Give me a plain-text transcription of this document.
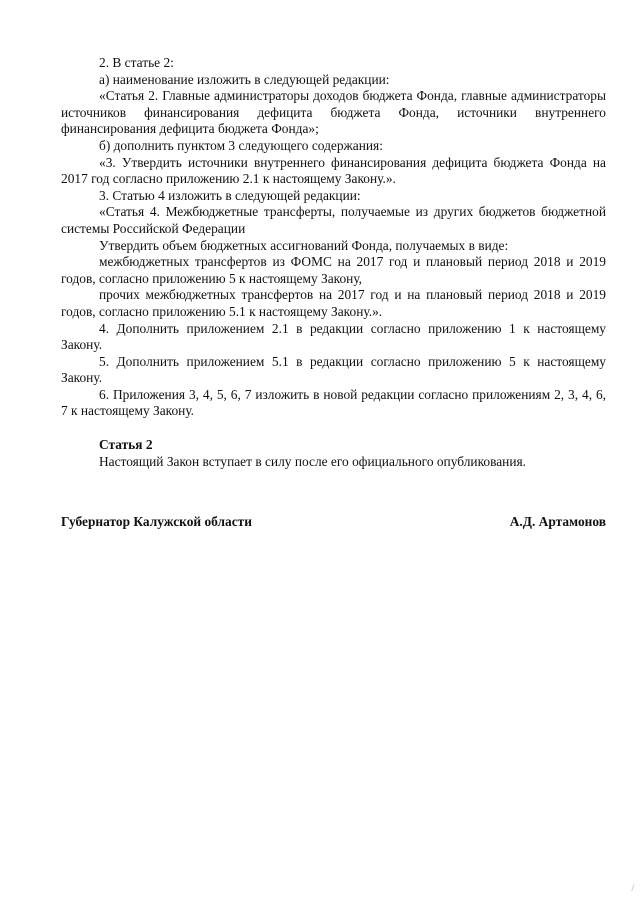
2. В статье 2:

а) наименование изложить в следующей редакции:

«Статья 2. Главные администраторы доходов бюджета Фонда, главные администраторы источников финансирования дефицита бюджета Фонда, источники внутреннего финансирования дефицита бюджета Фонда»;

б) дополнить пунктом 3 следующего содержания:

«3. Утвердить источники внутреннего финансирования дефицита бюджета Фонда на 2017 год согласно приложению 2.1 к настоящему Закону.».

3. Статью 4 изложить в следующей редакции:

«Статья 4. Межбюджетные трансферты, получаемые из других бюджетов бюджетной системы Российской Федерации

Утвердить объем бюджетных ассигнований Фонда, получаемых в виде:

межбюджетных трансфертов из ФОМС на 2017 год и плановый период 2018 и 2019 годов, согласно приложению 5 к настоящему Закону,

прочих межбюджетных трансфертов на 2017 год и на плановый период 2018 и 2019 годов, согласно приложению 5.1 к настоящему Закону.».

4. Дополнить приложением 2.1 в редакции согласно приложению 1 к настоящему Закону.

5. Дополнить приложением 5.1 в редакции согласно приложению 5 к настоящему Закону.

6. Приложения 3, 4, 5, 6, 7 изложить в новой редакции согласно приложениям 2, 3, 4, 6, 7 к настоящему Закону.

Статья 2

Настоящий Закон вступает в силу после его официального опубликования.

Губернатор Калужской области	А.Д. Артамонов
/
